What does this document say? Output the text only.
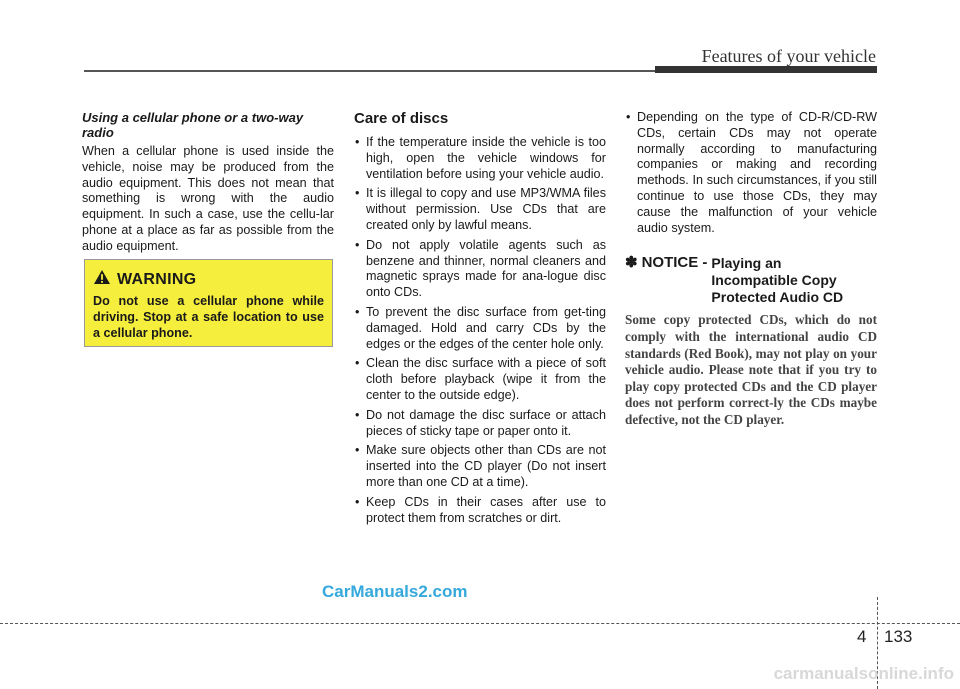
Features of your vehicle

Using a cellular phone or a two-way radio

When a cellular phone is used inside the vehicle, noise may be produced from the audio equipment. This does not mean that something is wrong with the audio equipment. In such a case, use the cellu-lar phone at a place as far as possible from the audio equipment.

WARNING
Do not use a cellular phone while driving. Stop at a safe location to use a cellular phone.

Care of discs

• If the temperature inside the vehicle is too high, open the vehicle windows for ventilation before using your vehicle audio.
• It is illegal to copy and use MP3/WMA files without permission. Use CDs that are created only by lawful means.
• Do not apply volatile agents such as benzene and thinner, normal cleaners and magnetic sprays made for ana-logue disc onto CDs.
• To prevent the disc surface from get-ting damaged. Hold and carry CDs by the edges or the edges of the center hole only.
• Clean the disc surface with a piece of soft cloth before playback (wipe it from the center to the outside edge).
• Do not damage the disc surface or attach pieces of sticky tape or paper onto it.
• Make sure objects other than CDs are not inserted into the CD player (Do not insert more than one CD at a time).
• Keep CDs in their cases after use to protect them from scratches or dirt.
• Depending on the type of CD-R/CD-RW CDs, certain CDs may not operate normally according to manufacturing companies or making and recording methods. In such circumstances, if you still continue to use those CDs, they may cause the malfunction of your vehicle audio system.
✽ NOTICE - Playing an
Incompatible Copy
Protected Audio CD
Some copy protected CDs, which do not comply with the international audio CD standards (Red Book), may not play on your vehicle audio. Please note that if you try to play copy protected CDs and the CD player does not perform correct-ly the CDs maybe defective, not the CD player.
CarManuals2.com
4 133
carmanualsonline.info
